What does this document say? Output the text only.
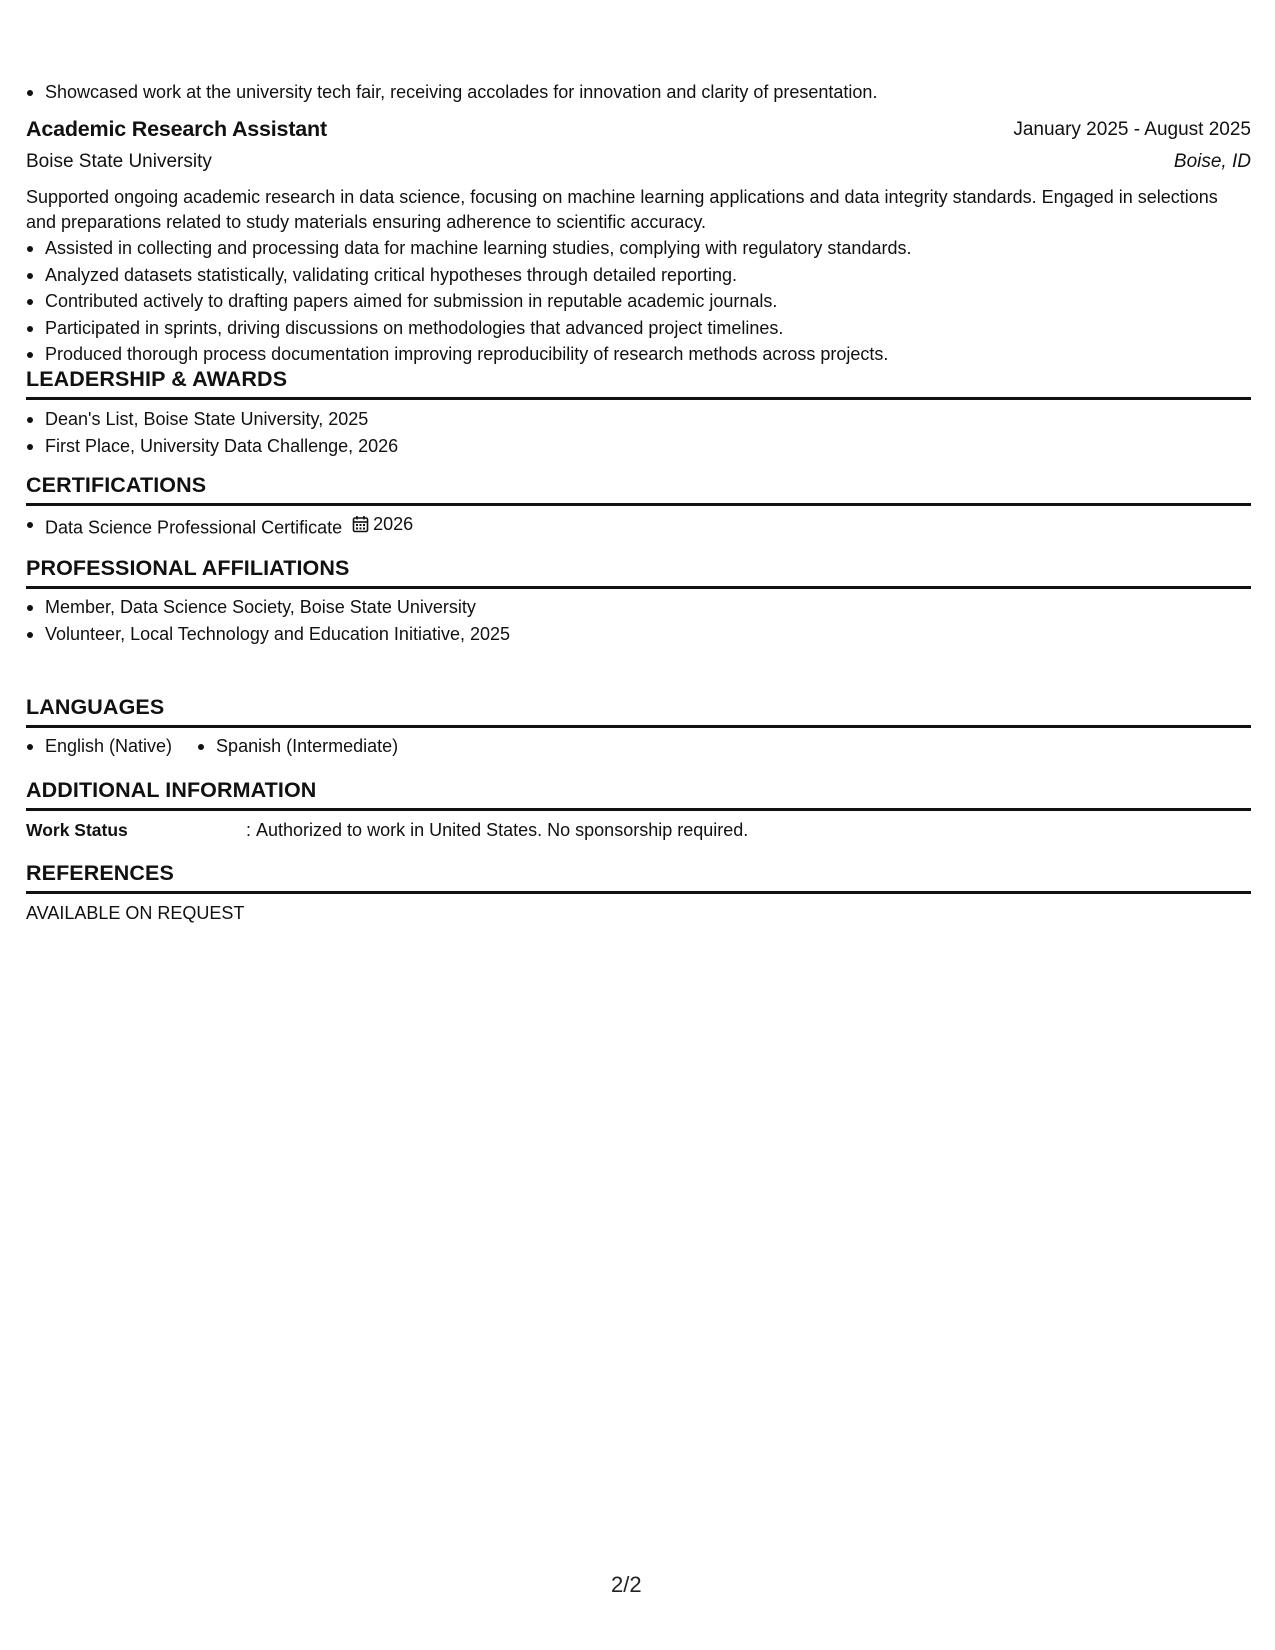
Showcased work at the university tech fair, receiving accolades for innovation and clarity of presentation.
Academic Research Assistant	January 2025 - August 2025
Boise State University	Boise, ID

Supported ongoing academic research in data science, focusing on machine learning applications and data integrity standards. Engaged in selections and preparations related to study materials ensuring adherence to scientific accuracy.

Assisted in collecting and processing data for machine learning studies, complying with regulatory standards.
Analyzed datasets statistically, validating critical hypotheses through detailed reporting.
Contributed actively to drafting papers aimed for submission in reputable academic journals.
Participated in sprints, driving discussions on methodologies that advanced project timelines.
Produced thorough process documentation improving reproducibility of research methods across projects.
LEADERSHIP & AWARDS
Dean's List, Boise State University, 2025
First Place, University Data Challenge, 2026
CERTIFICATIONS
Data Science Professional Certificate 2026
PROFESSIONAL AFFILIATIONS
Member, Data Science Society, Boise State University
Volunteer, Local Technology and Education Initiative, 2025
LANGUAGES
English (Native)	Spanish (Intermediate)
ADDITIONAL INFORMATION
Work Status	: Authorized to work in United States. No sponsorship required.
REFERENCES
AVAILABLE ON REQUEST
2/2
